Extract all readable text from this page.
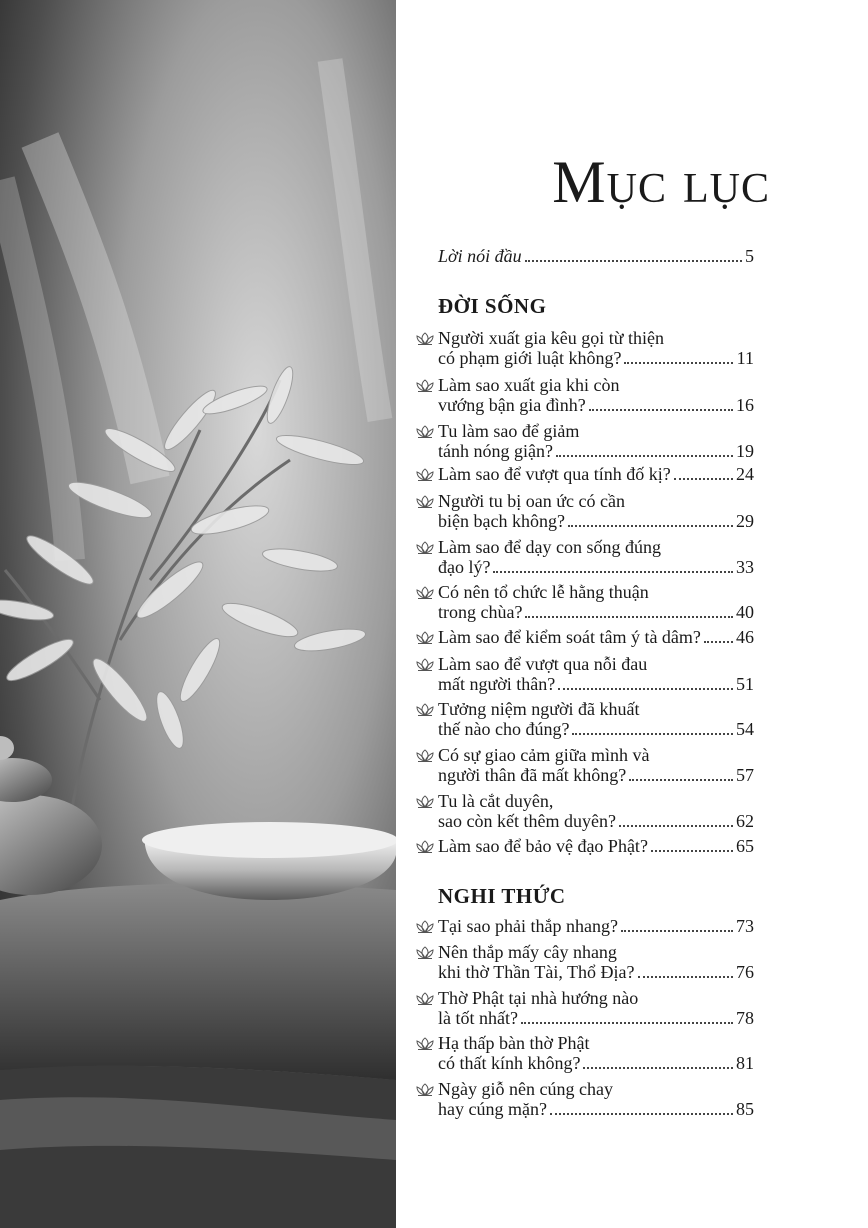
Mục lục
Lời nói đầu	5
ĐỜI SỐNG
Người xuất gia kêu gọi từ thiện
có phạm giới luật không?	11
Làm sao xuất gia khi còn
vướng bận gia đình?	16
Tu làm sao để giảm
tánh nóng giận?	19
Làm sao để vượt qua tính đố kị?	24
Người tu bị oan ức có cần
biện bạch không?	29
Làm sao để dạy con sống đúng
đạo lý?	33
Có nên tổ chức lễ hằng thuận
trong chùa?	40
Làm sao để kiểm soát tâm ý tà dâm? 46
Làm sao để vượt qua nỗi đau
mất người thân?	51
Tưởng niệm người đã khuất
thế nào cho đúng?	54
Có sự giao cảm giữa mình và
người thân đã mất không?	57
Tu là cắt duyên,
sao còn kết thêm duyên?	62
Làm sao để bảo vệ đạo Phật?	65
NGHI THỨC
Tại sao phải thắp nhang?	73
Nên thắp mấy cây nhang
khi thờ Thần Tài, Thổ Địa?	76
Thờ Phật tại nhà hướng nào
là tốt nhất?	78
Hạ thấp bàn thờ Phật
có thất kính không?	81
Ngày giỗ nên cúng chay
hay cúng mặn?	85
